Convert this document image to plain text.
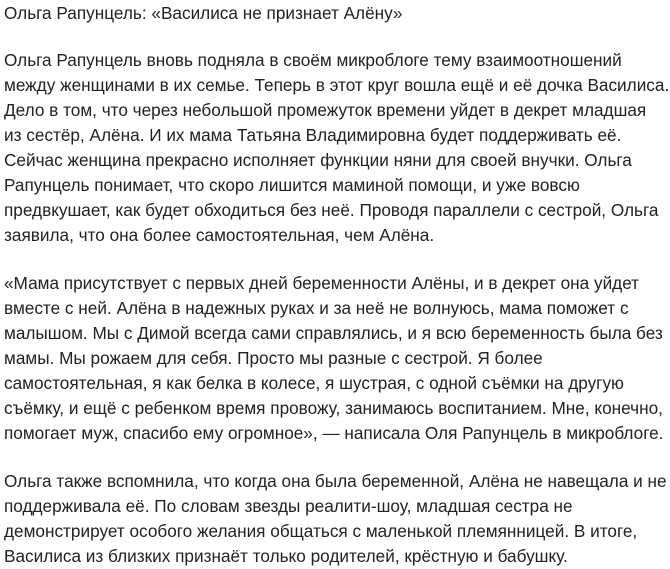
Ольга Рапунцель: «Василиса не признает Алёну»

Ольга Рапунцель вновь подняла в своём микроблоге тему взаимоотношений
между женщинами в их семье. Теперь в этот круг вошла ещё и её дочка Василиса.
Дело в том, что через небольшой промежуток времени уйдет в декрет младшая
из сестёр, Алёна. И их мама Татьяна Владимировна будет поддерживать её.
Сейчас женщина прекрасно исполняет функции няни для своей внучки. Ольга
Рапунцель понимает, что скоро лишится маминой помощи, и уже вовсю
предвкушает, как будет обходиться без неё. Проводя параллели с сестрой, Ольга
заявила, что она более самостоятельная, чем Алёна.

«Мама присутствует с первых дней беременности Алёны, и в декрет она уйдет
вместе с ней. Алёна в надежных руках и за неё не волнуюсь, мама поможет с
малышом. Мы с Димой всегда сами справлялись, и я всю беременность была без
мамы. Мы рожаем для себя. Просто мы разные с сестрой. Я более
самостоятельная, я как белка в колесе, я шустрая, с одной съёмки на другую
съёмку, и ещё с ребенком время провожу, занимаюсь воспитанием. Мне, конечно,
помогает муж, спасибо ему огромное», — написала Оля Рапунцель в микроблоге.

Ольга также вспомнила, что когда она была беременной, Алёна не навещала и не
поддерживала её. По словам звезды реалити-шоу, младшая сестра не
демонстрирует особого желания общаться с маленькой племянницей. В итоге,
Василиса из близких признаёт только родителей, крёстную и бабушку.
